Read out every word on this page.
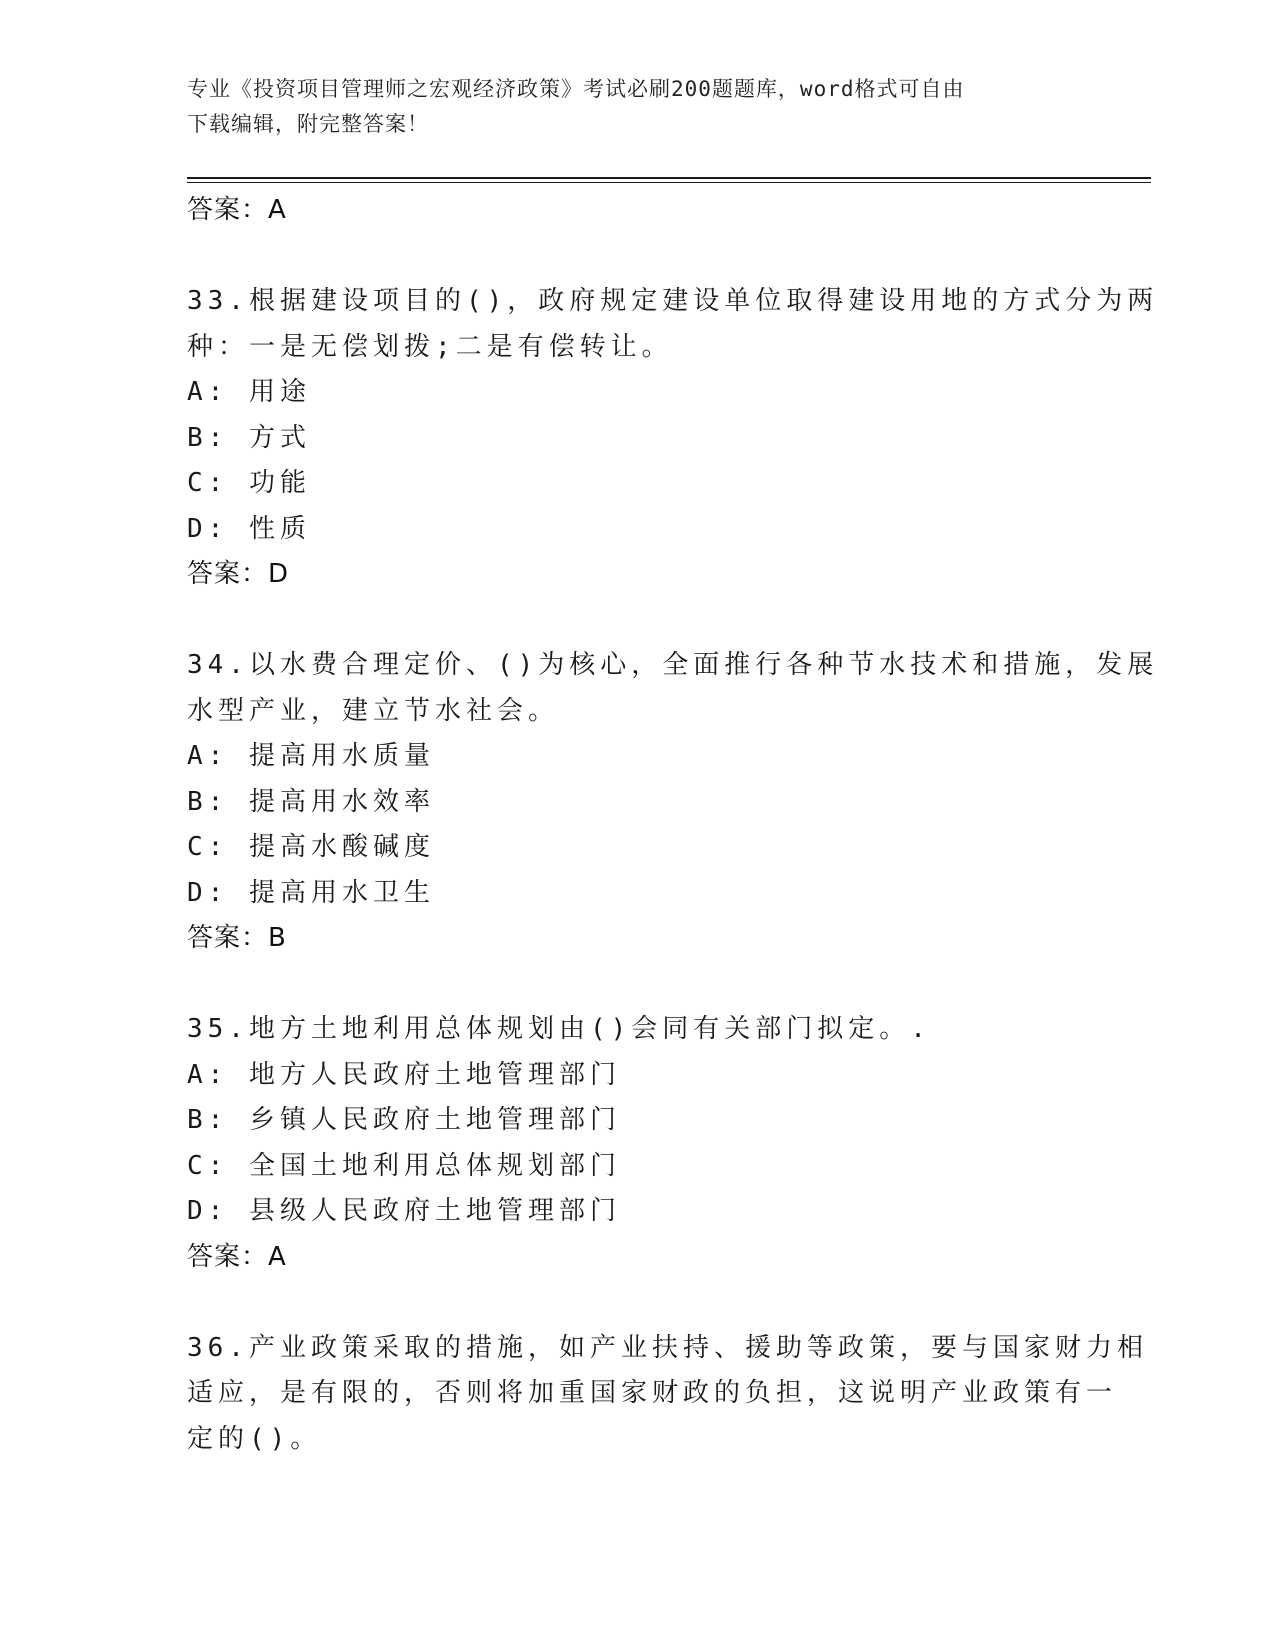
专业《投资项目管理师之宏观经济政策》考试必刷200题题库，word格式可自由
下载编辑，附完整答案！
答案：A
33.根据建设项目的()，政府规定建设单位取得建设用地的方式分为两
种：一是无偿划拨;二是有偿转让。
A: 用途
B: 方式
C: 功能
D: 性质
答案：D
34.以水费合理定价、()为核心，全面推行各种节水技术和措施，发展
水型产业，建立节水社会。
A: 提高用水质量
B: 提高用水效率
C: 提高水酸碱度
D: 提高用水卫生
答案：B
35.地方土地利用总体规划由()会同有关部门拟定。.
A: 地方人民政府土地管理部门
B: 乡镇人民政府土地管理部门
C: 全国土地利用总体规划部门
D: 县级人民政府土地管理部门
答案：A
36.产业政策采取的措施，如产业扶持、援助等政策，要与国家财力相
适应，是有限的，否则将加重国家财政的负担，这说明产业政策有一
定的()。
